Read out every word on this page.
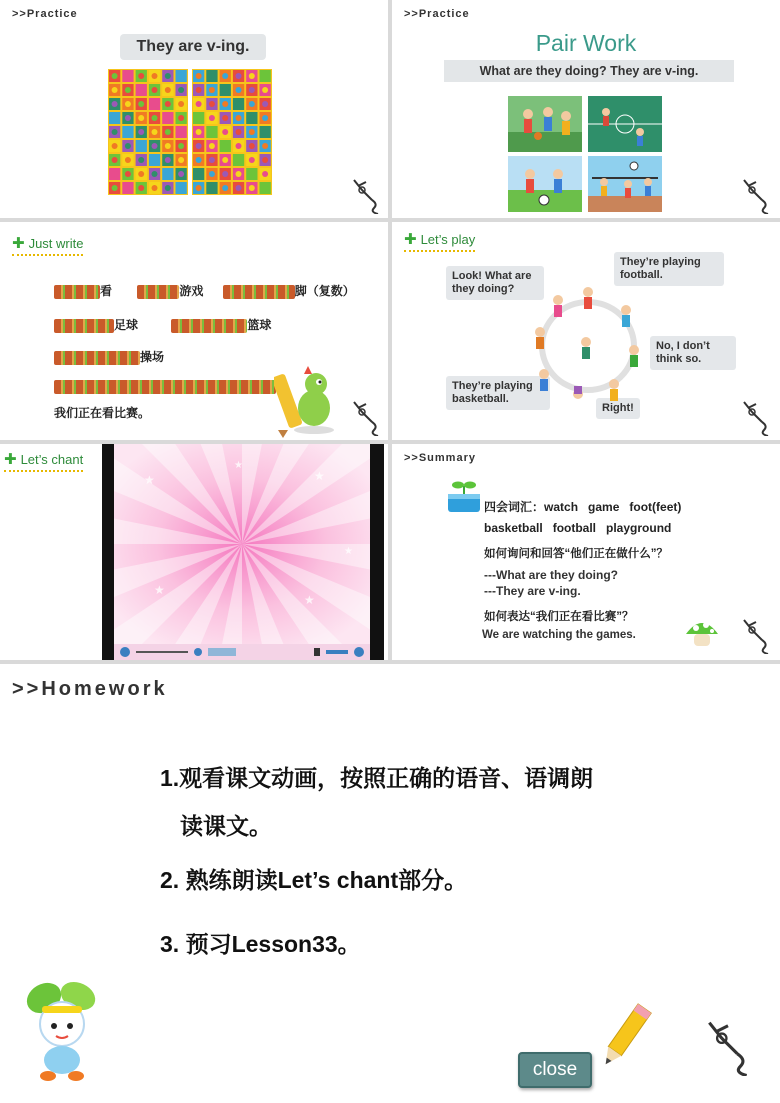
>>Practice
They are v-ing.
>>Practice
Pair Work
What are they doing? They are v-ing.
✚ Just write
看	游戏	脚（复数）
足球	篮球
操场
我们正在看比赛。
✚ Let’s play
Look! What are they doing?
They’re playing football.
No, I don’t think so.
They’re playing basketball.
Right!
✚ Let’s chant
★	★
★
★
★
★
>>Summary
四会词汇：watch   game   foot(feet)
basketball   football   playground
如何询问和回答“他们正在做什么”？
---What are they doing?
---They are v-ing.
如何表达“我们正在看比赛”？
We are watching the games.
>>Homework
1.观看课文动画，按照正确的语音、语调朗
读课文。
2. 熟练朗读Let’s chant部分。
3. 预习Lesson33。
close
